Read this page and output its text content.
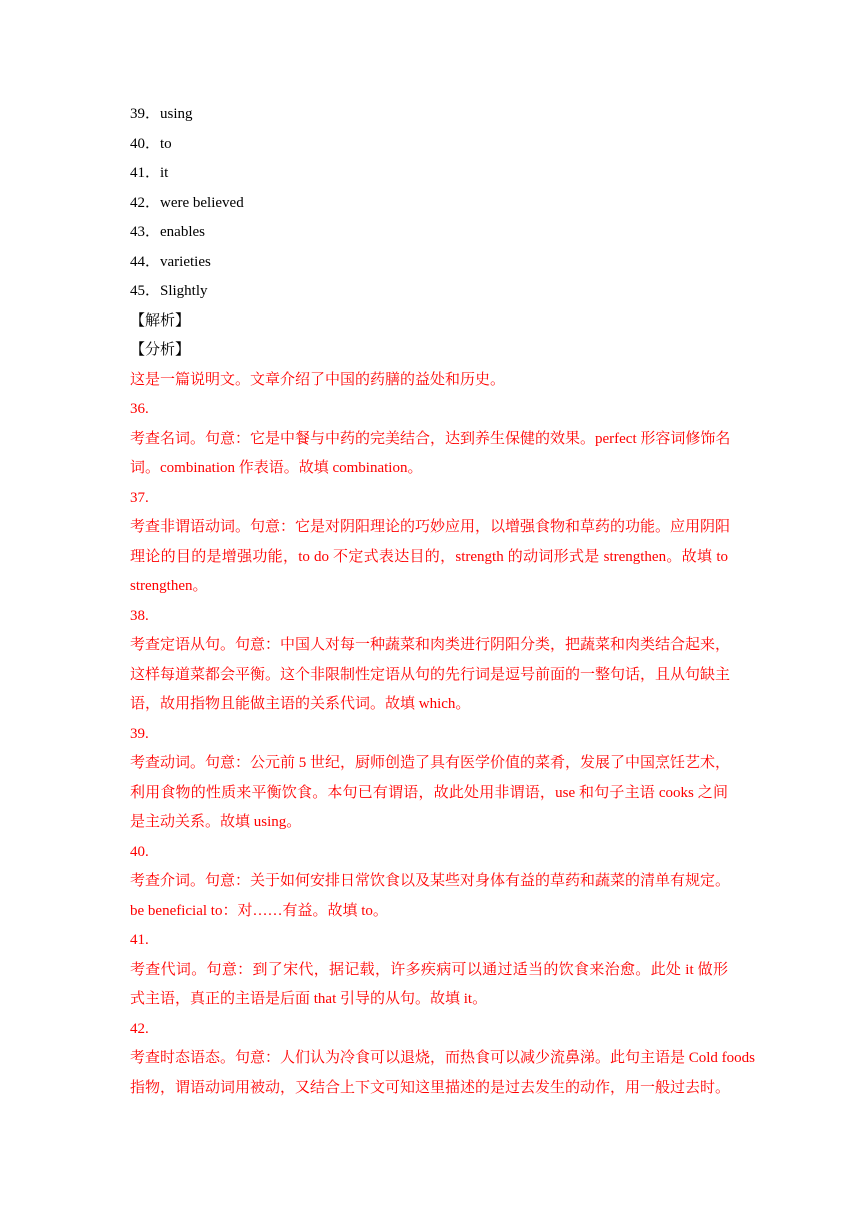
39．using
40．to
41．it
42．were believed
43．enables
44．varieties
45．Slightly
【解析】
【分析】
这是一篇说明文。文章介绍了中国的药膳的益处和历史。
36.
考查名词。句意：它是中餐与中药的完美结合，达到养生保健的效果。perfect 形容词修饰名
词。combination 作表语。故填 combination。
37.
考查非谓语动词。句意：它是对阴阳理论的巧妙应用，以增强食物和草药的功能。应用阴阳
理论的目的是增强功能，to do 不定式表达目的，strength 的动词形式是 strengthen。故填 to
strengthen。
38.
考查定语从句。句意：中国人对每一种蔬菜和肉类进行阴阳分类，把蔬菜和肉类结合起来，
这样每道菜都会平衡。这个非限制性定语从句的先行词是逗号前面的一整句话，且从句缺主
语，故用指物且能做主语的关系代词。故填 which。
39.
考查动词。句意：公元前 5 世纪，厨师创造了具有医学价值的菜肴，发展了中国烹饪艺术，
利用食物的性质来平衡饮食。本句已有谓语，故此处用非谓语，use 和句子主语 cooks 之间
是主动关系。故填 using。
40.
考查介词。句意：关于如何安排日常饮食以及某些对身体有益的草药和蔬菜的清单有规定。
be beneficial to：对……有益。故填 to。
41.
考查代词。句意：到了宋代，据记载，许多疾病可以通过适当的饮食来治愈。此处 it 做形
式主语，真正的主语是后面 that 引导的从句。故填 it。
42.
考查时态语态。句意：人们认为冷食可以退烧，而热食可以减少流鼻涕。此句主语是 Cold foods
指物，谓语动词用被动，又结合上下文可知这里描述的是过去发生的动作，用一般过去时。
